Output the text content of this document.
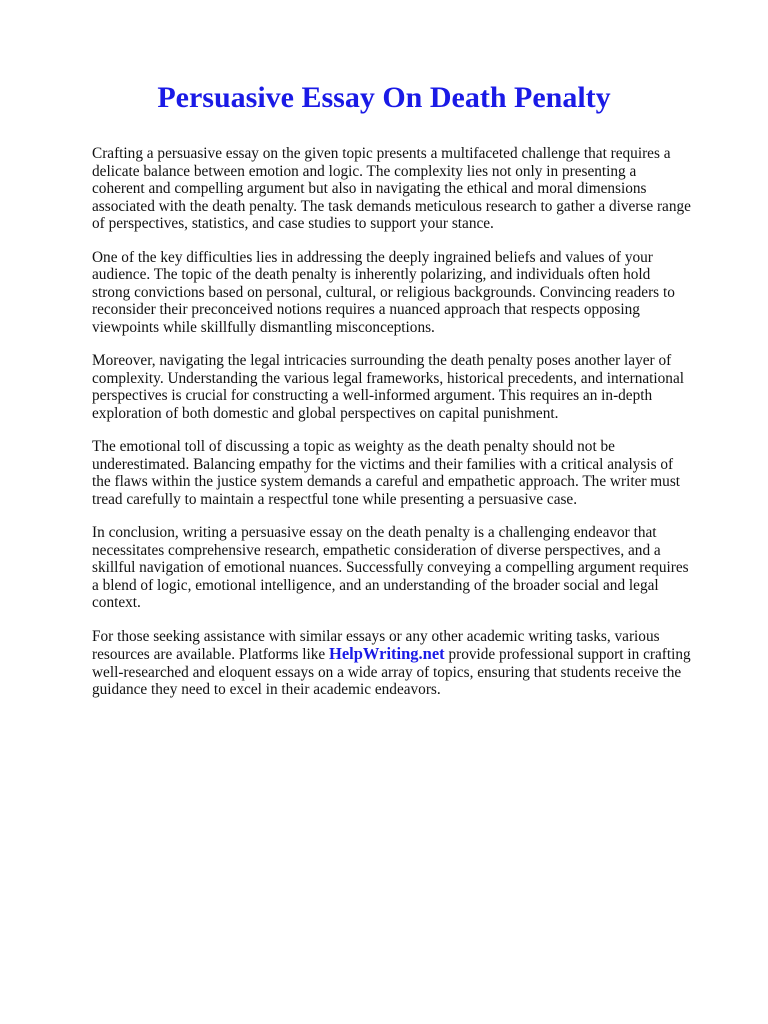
Persuasive Essay On Death Penalty

Crafting a persuasive essay on the given topic presents a multifaceted challenge that requires a delicate balance between emotion and logic. The complexity lies not only in presenting a coherent and compelling argument but also in navigating the ethical and moral dimensions associated with the death penalty. The task demands meticulous research to gather a diverse range of perspectives, statistics, and case studies to support your stance.

One of the key difficulties lies in addressing the deeply ingrained beliefs and values of your audience. The topic of the death penalty is inherently polarizing, and individuals often hold strong convictions based on personal, cultural, or religious backgrounds. Convincing readers to reconsider their preconceived notions requires a nuanced approach that respects opposing viewpoints while skillfully dismantling misconceptions.

Moreover, navigating the legal intricacies surrounding the death penalty poses another layer of complexity. Understanding the various legal frameworks, historical precedents, and international perspectives is crucial for constructing a well-informed argument. This requires an in-depth exploration of both domestic and global perspectives on capital punishment.

The emotional toll of discussing a topic as weighty as the death penalty should not be underestimated. Balancing empathy for the victims and their families with a critical analysis of the flaws within the justice system demands a careful and empathetic approach. The writer must tread carefully to maintain a respectful tone while presenting a persuasive case.

In conclusion, writing a persuasive essay on the death penalty is a challenging endeavor that necessitates comprehensive research, empathetic consideration of diverse perspectives, and a skillful navigation of emotional nuances. Successfully conveying a compelling argument requires a blend of logic, emotional intelligence, and an understanding of the broader social and legal context.

For those seeking assistance with similar essays or any other academic writing tasks, various resources are available. Platforms like HelpWriting.net provide professional support in crafting well-researched and eloquent essays on a wide array of topics, ensuring that students receive the guidance they need to excel in their academic endeavors.
